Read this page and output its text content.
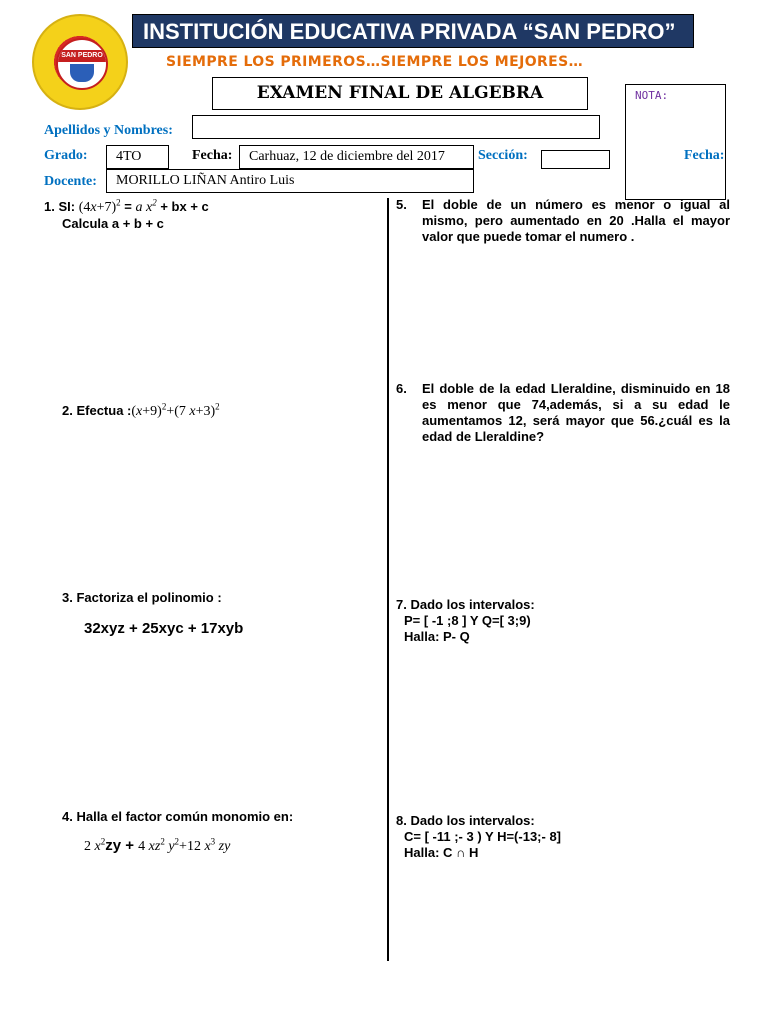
SAN PEDRO
INSTITUCIÓN EDUCATIVA PRIVADA “SAN PEDRO”
SIEMPRE LOS PRIMEROS…SIEMPRE LOS MEJORES…
EXAMEN FINAL DE ALGEBRA	NOTA:
Apellidos y Nombres:
Grado:	4TO	Fecha:	Carhuaz, 12 de diciembre del 2017	Sección:	Fecha:
Docente:	MORILLO LIÑAN Antiro Luis
1. SI: $(4x+7)^2 = a$ $x^2$ + bx + c
Calcula a + b + c
2. Efectua $:(x+9)^2+(7$ x+3)$^2$
3. Factoriza el polinomio :
32xyz + 25xyc + 17xyb
4. Halla el factor común monomio en:
2 $x^2zy + 4$ $xz^2$ $y^2+12$ $x^3$ zy
5. El doble de un número es menor o igual al mismo, pero aumentado en 20 .Halla el mayor valor que puede tomar el numero .
6. El doble de la edad Lleraldine, disminuido en 18 es menor que 74,además, si a su edad le aumentamos 12, será mayor que 56.¿cuál es la edad de Lleraldine?
7. Dado los intervalos:
P= [ -1 ;8 ] Y Q=[ 3;9)
Halla: P- Q
8. Dado los intervalos:
C= [ -11 ;- 3 ) Y H=(-13;- 8]
Halla: C ∩ H
